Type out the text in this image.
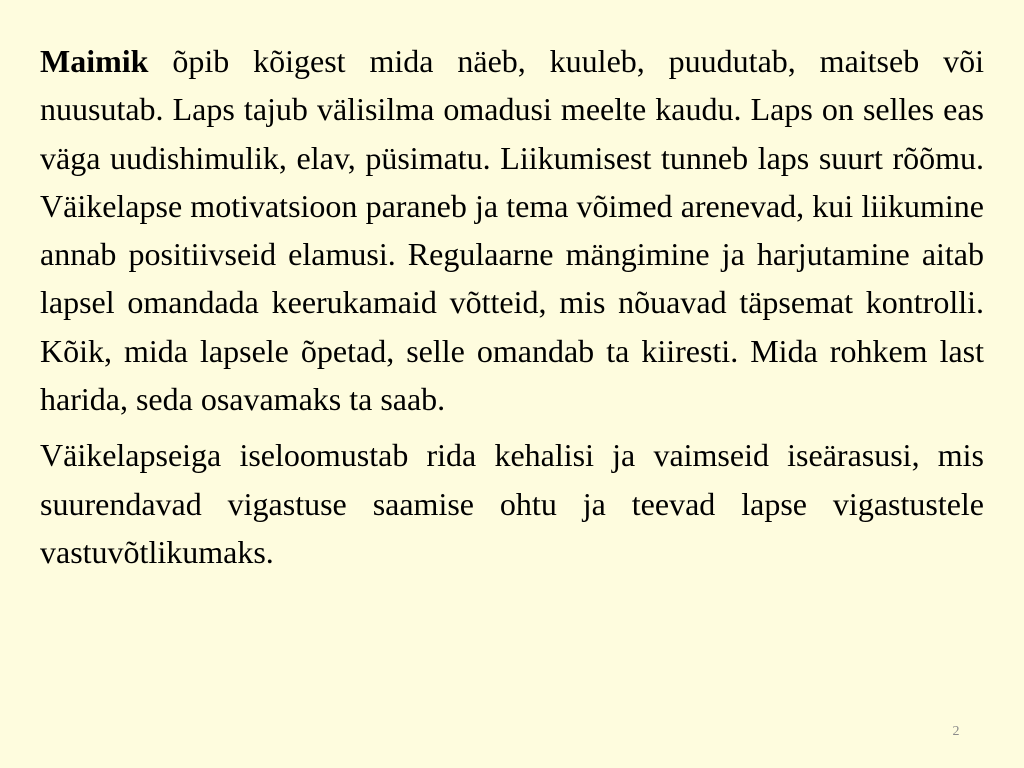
Maimik õpib kõigest mida näeb, kuuleb, puudutab, maitseb või nuusutab. Laps tajub välisilma omadusi meelte kaudu. Laps on selles eas väga uudishimulik, elav, püsimatu. Liikumisest tunneb laps suurt rõõmu. Väikelapse motivatsioon paraneb ja tema võimed arenevad, kui liikumine annab positiivseid elamusi. Regulaarne mängimine ja harjutamine aitab lapsel omandada keerukamaid võtteid, mis nõuavad täpsemat kontrolli. Kõik, mida lapsele õpetad, selle omandab ta kiiresti. Mida rohkem last harida, seda osavamaks ta saab.

Väikelapseiga iseloomustab rida kehalisi ja vaimseid iseärasusi, mis suurendavad vigastuse saamise ohtu ja teevad lapse vigastustele vastuvõtlikumaks.

2
